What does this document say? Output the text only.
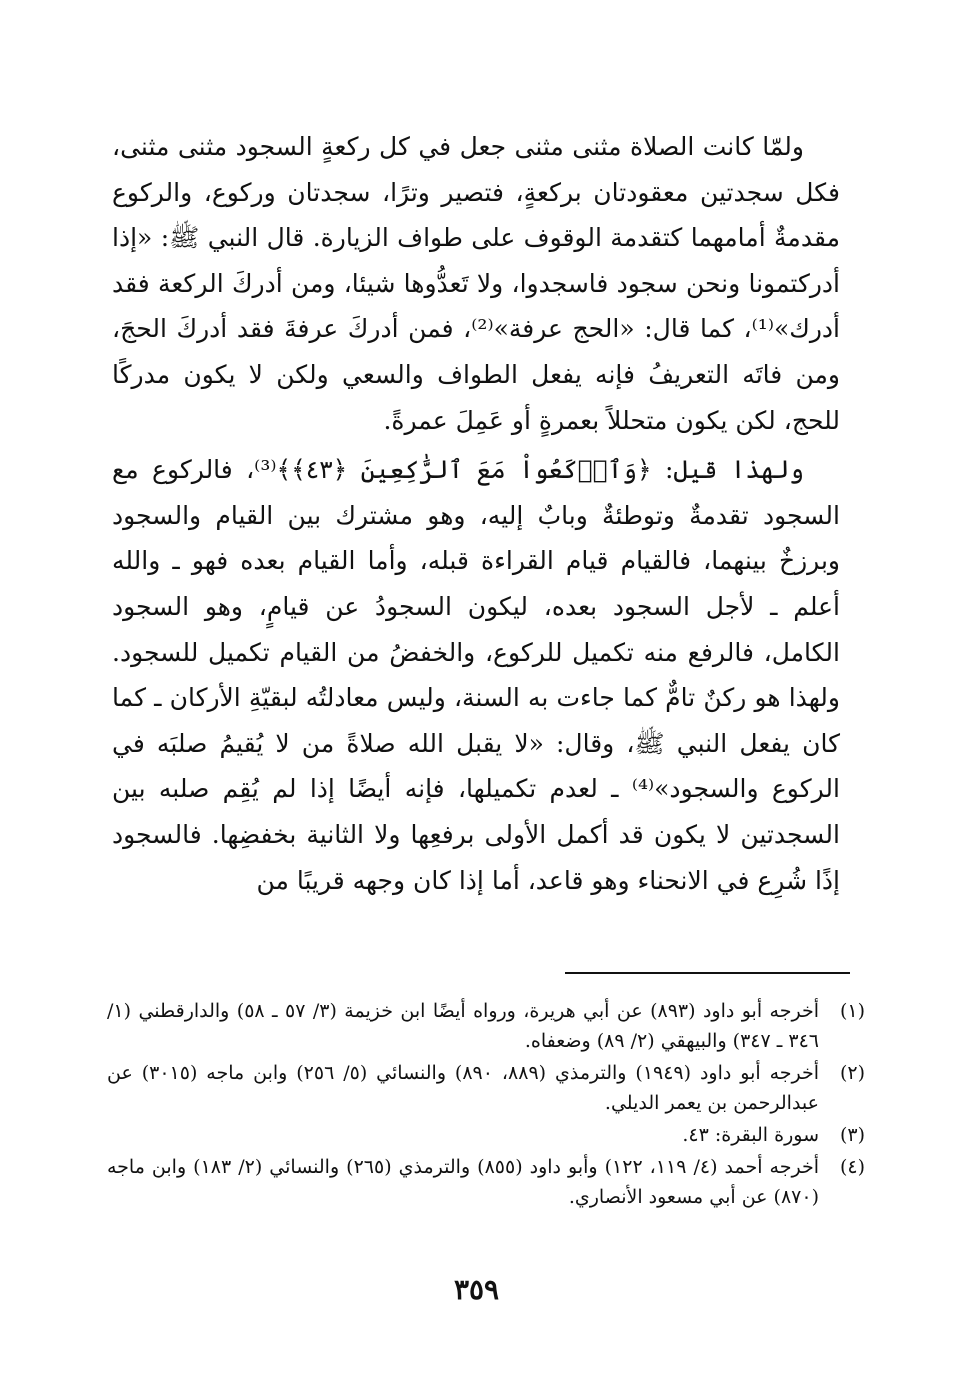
ولمّا كانت الصلاة مثنى مثنى جعل في كل ركعةٍ السجود مثنى مثنى، فكل سجدتين معقودتان بركعةٍ، فتصير وترًا، سجدتان وركوع، والركوع مقدمةٌ أمامهما كتقدمة الوقوف على طواف الزيارة. قال النبي ﷺ: «إذا أدركتمونا ونحن سجود فاسجدوا، ولا تَعدُّوها شيئا، ومن أدركَ الركعة فقد أدرك»⁽¹⁾، كما قال: «الحج عرفة»⁽²⁾، فمن أدركَ عرفةَ فقد أدركَ الحجَ، ومن فاتَه التعريفُ فإنه يفعل الطواف والسعي ولكن لا يكون مدركًا للحج، لكن يكون متحللاً بعمرةٍ أو عَمِلَ عمرةً.

ولهذا قيل: ﴿وَٱرۡكَعُواْ مَعَ ٱلرَّٰكِعِينَ ﴿٤٣﴾﴾⁽³⁾، فالركوع مع السجود تقدمةٌ وتوطئةٌ وبابٌ إليه، وهو مشترك بين القيام والسجود وبرزخٌ بينهما، فالقيام قيام القراءة قبله، وأما القيام بعده فهو ـ والله أعلم ـ لأجل السجود بعده، ليكون السجودُ عن قيامٍ، وهو السجود الكامل، فالرفع منه تكميل للركوع، والخفضُ من القيام تكميل للسجود. ولهذا هو ركنٌ تامٌّ كما جاءت به السنة، وليس معادلتُه لبقيّةِ الأركان ـ كما كان يفعل النبي ﷺ، وقال: «لا يقبل الله صلاةً من لا يُقيمُ صلبَه في الركوع والسجود»⁽⁴⁾ ـ لعدم تكميلها، فإنه أيضًا إذا لم يُقِم صلبه بين السجدتين لا يكون قد أكمل الأولى برفعِها ولا الثانية بخفضِها. فالسجود إذًا شُرِع في الانحناء وهو قاعد، أما إذا كان وجهه قريبًا من

(١)
أخرجه أبو داود (٨٩٣) عن أبي هريرة، ورواه أيضًا ابن خزيمة (٣/ ٥٧ ـ ٥٨) والدارقطني (١/ ٣٤٦ ـ ٣٤٧) والبيهقي (٢/ ٨٩) وضعفاه.
(٢)
أخرجه أبو داود (١٩٤٩) والترمذي (٨٨٩، ٨٩٠) والنسائي (٥/ ٢٥٦) وابن ماجه (٣٠١٥) عن عبدالرحمن بن يعمر الديلي.
(٣)
سورة البقرة: ٤٣.
(٤)
أخرجه أحمد (٤/ ١١٩، ١٢٢) وأبو داود (٨٥٥) والترمذي (٢٦٥) والنسائي (٢/ ١٨٣) وابن ماجه (٨٧٠) عن أبي مسعود الأنصاري.
٣٥٩
